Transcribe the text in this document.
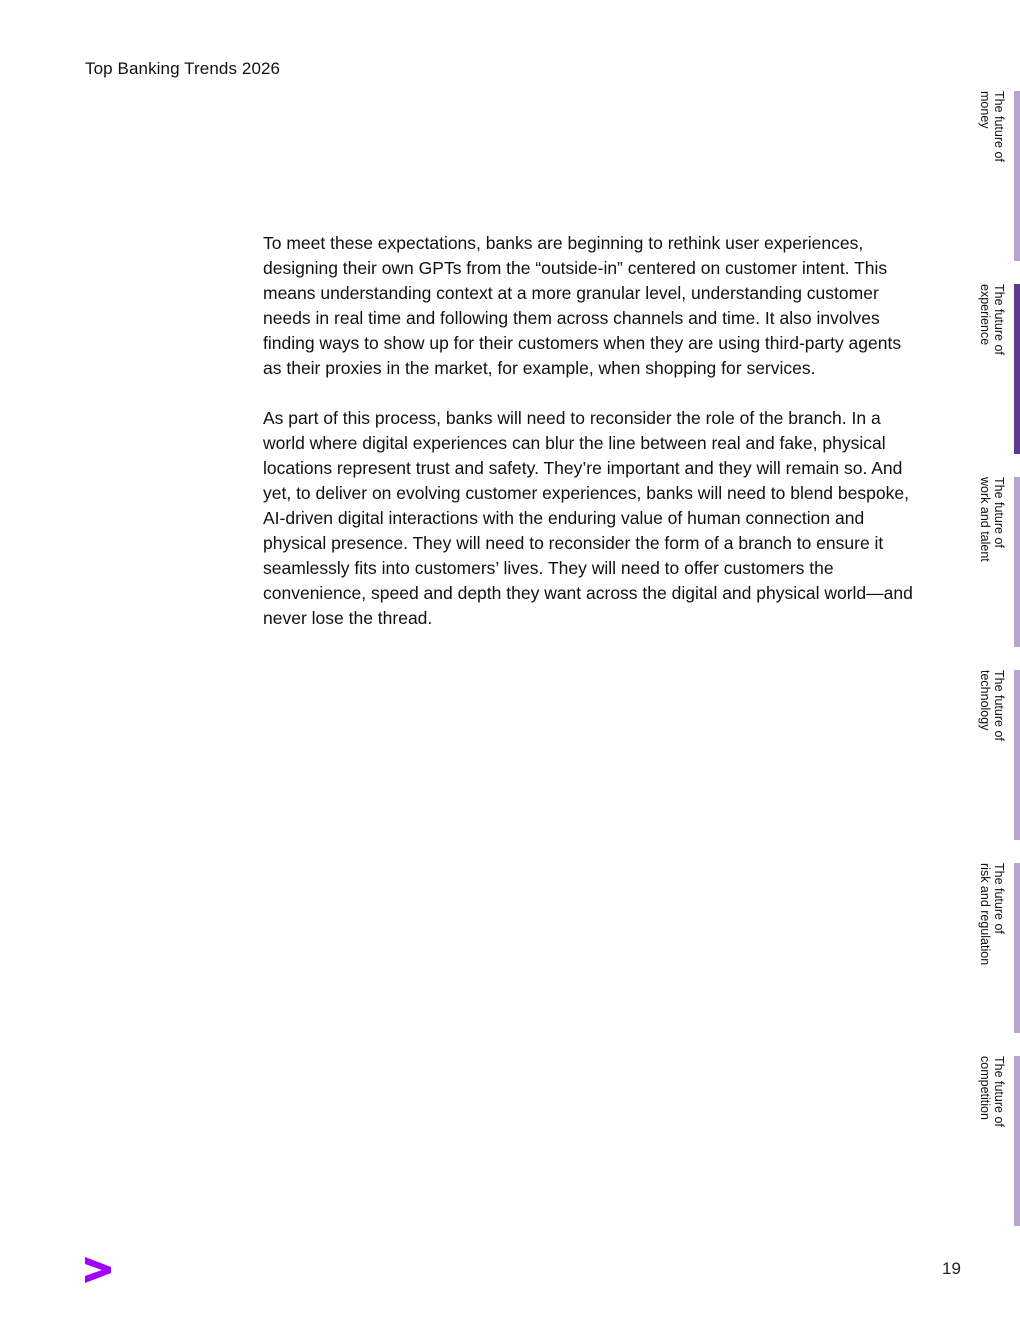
Top Banking Trends 2026

To meet these expectations, banks are beginning to rethink user experiences, designing their own GPTs from the “outside-in” centered on customer intent. This means understanding context at a more granular level, understanding customer needs in real time and following them across channels and time. It also involves finding ways to show up for their customers when they are using third-party agents as their proxies in the market, for example, when shopping for services.

As part of this process, banks will need to reconsider the role of the branch. In a world where digital experiences can blur the line between real and fake, physical locations represent trust and safety. They’re important and they will remain so. And yet, to deliver on evolving customer experiences, banks will need to blend bespoke, AI-driven digital interactions with the enduring value of human connection and physical presence. They will need to reconsider the form of a branch to ensure it seamlessly fits into customers’ lives. They will need to offer customers the convenience, speed and depth they want across the digital and physical world—and never lose the thread.

The future of
money
The future of
experience
The future of
work and talent
The future of
technology
The future of
risk and regulation
The future of
competition
19
